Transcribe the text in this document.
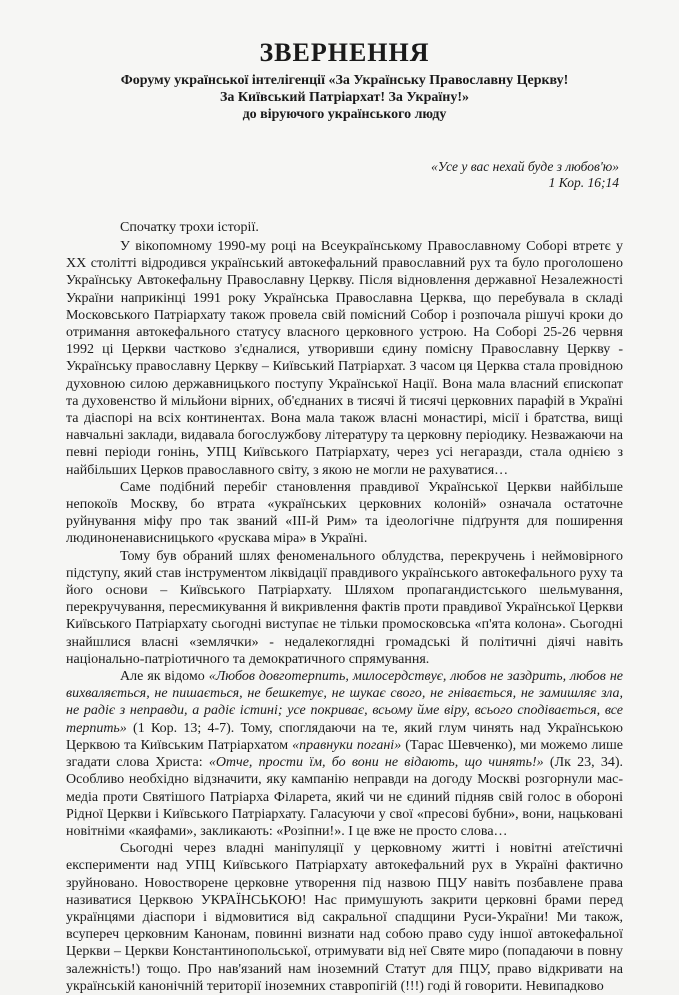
ЗВЕРНЕННЯ
Форуму української інтелігенції «За Українську Православну Церкву!
За Київський Патріархат! За Україну!»
до віруючого українського люду
«Усе у вас нехай буде з любов'ю»
1 Кор. 16;14
Спочатку трохи історії.

У вікопомному 1990-му році на Всеукраїнському Православному Соборі втретє у XX столітті відродився український автокефальний православний рух та було проголошено Українську Автокефальну Православну Церкву. Після відновлення державної Незалежності України наприкінці 1991 року Українська Православна Церква, що перебувала в складі Московського Патріархату також провела свій помісний Собор і розпочала рішучі кроки до отримання автокефального статусу власного церковного устрою. На Соборі 25-26 червня 1992 ці Церкви частково з'єдналися, утворивши єдину помісну Православну Церкву - Українську православну Церкву – Київський Патріархат. З часом ця Церква стала провідною духовною силою державницького поступу Української Нації. Вона мала власний єпископат та духовенство й мільйони вірних, об'єднаних в тисячі й тисячі церковних парафій в Україні та діаспорі на всіх континентах. Вона мала також власні монастирі, місії і братства, вищі навчальні заклади, видавала богослужбову літературу та церковну періодику. Незважаючи на певні періоди гонінь, УПЦ Київського Патріархату, через усі негаразди, стала однією з найбільших Церков православного світу, з якою не могли не рахуватися…

Саме подібний перебіг становлення правдивої Української Церкви найбільше непокоїв Москву, бо втрата «українських церковних колоній» означала остаточне руйнування міфу про так званий «ІІІ-й Рим» та ідеологічне підґрунтя для поширення людиноненависницького «рускава міра» в Україні.

Тому був обраний шлях феноменального облудства, перекручень і неймовірного підступу, який став інструментом ліквідації правдивого українського автокефального руху та його основи – Київського Патріархату. Шляхом пропагандистського шельмування, перекручування, пересмикування й викривлення фактів проти правдивої Української Церкви Київського Патріархату сьогодні виступає не тільки промосковська «п'ята колона». Сьогодні знайшлися власні «землячки» - недалекоглядні громадські й політичні діячі навіть національно-патріотичного та демократичного спрямування.

Але як відомо «Любов довготерпить, милосердствує, любов не заздрить, любов не вихваляється, не пишається, не бешкетує, не шукає свого, не гнівається, не замишляє зла, не радіє з неправди, а радіє істині; усе покриває, всьому йме віру, всього сподівається, все терпить» (1 Кор. 13; 4-7). Тому, споглядаючи на те, який глум чинять над Українською Церквою та Київським Патріархатом «правнуки погані» (Тарас Шевченко), ми можемо лише згадати слова Христа: «Отче, прости їм, бо вони не відають, що чинять!» (Лк 23, 34). Особливо необхідно відзначити, яку кампанію неправди на догоду Москві розгорнули мас-медіа проти Святішого Патріарха Філарета, який чи не єдиний підняв свій голос в обороні Рідної Церкви і Київського Патріархату. Галасуючи у свої «пресові бубни», вони, нацьковані новітніми «каяфами», закликають: «Розіпни!». І це вже не просто слова…

Сьогодні через владні маніпуляції у церковному житті і новітні атеїстичні експерименти над УПЦ Київського Патріархату автокефальний рух в Україні фактично зруйновано. Новостворене церковне утворення під назвою ПЦУ навіть позбавлене права називатися Церквою УКРАЇНСЬКОЮ! Нас примушують закрити церковні брами перед українцями діаспори і відмовитися від сакральної спадщини Руси-України! Ми також, всупереч церковним Канонам, повинні визнати над собою право суду іншої автокефальної Церкви – Церкви Константинопольської, отримувати від неї Святе миро (попадаючи в повну залежність!) тощо. Про нав'язаний нам іноземний Статут для ПЦУ, право відкривати на українській канонічній території іноземних ставропігій (!!!) годі й говорити. Невипадково
